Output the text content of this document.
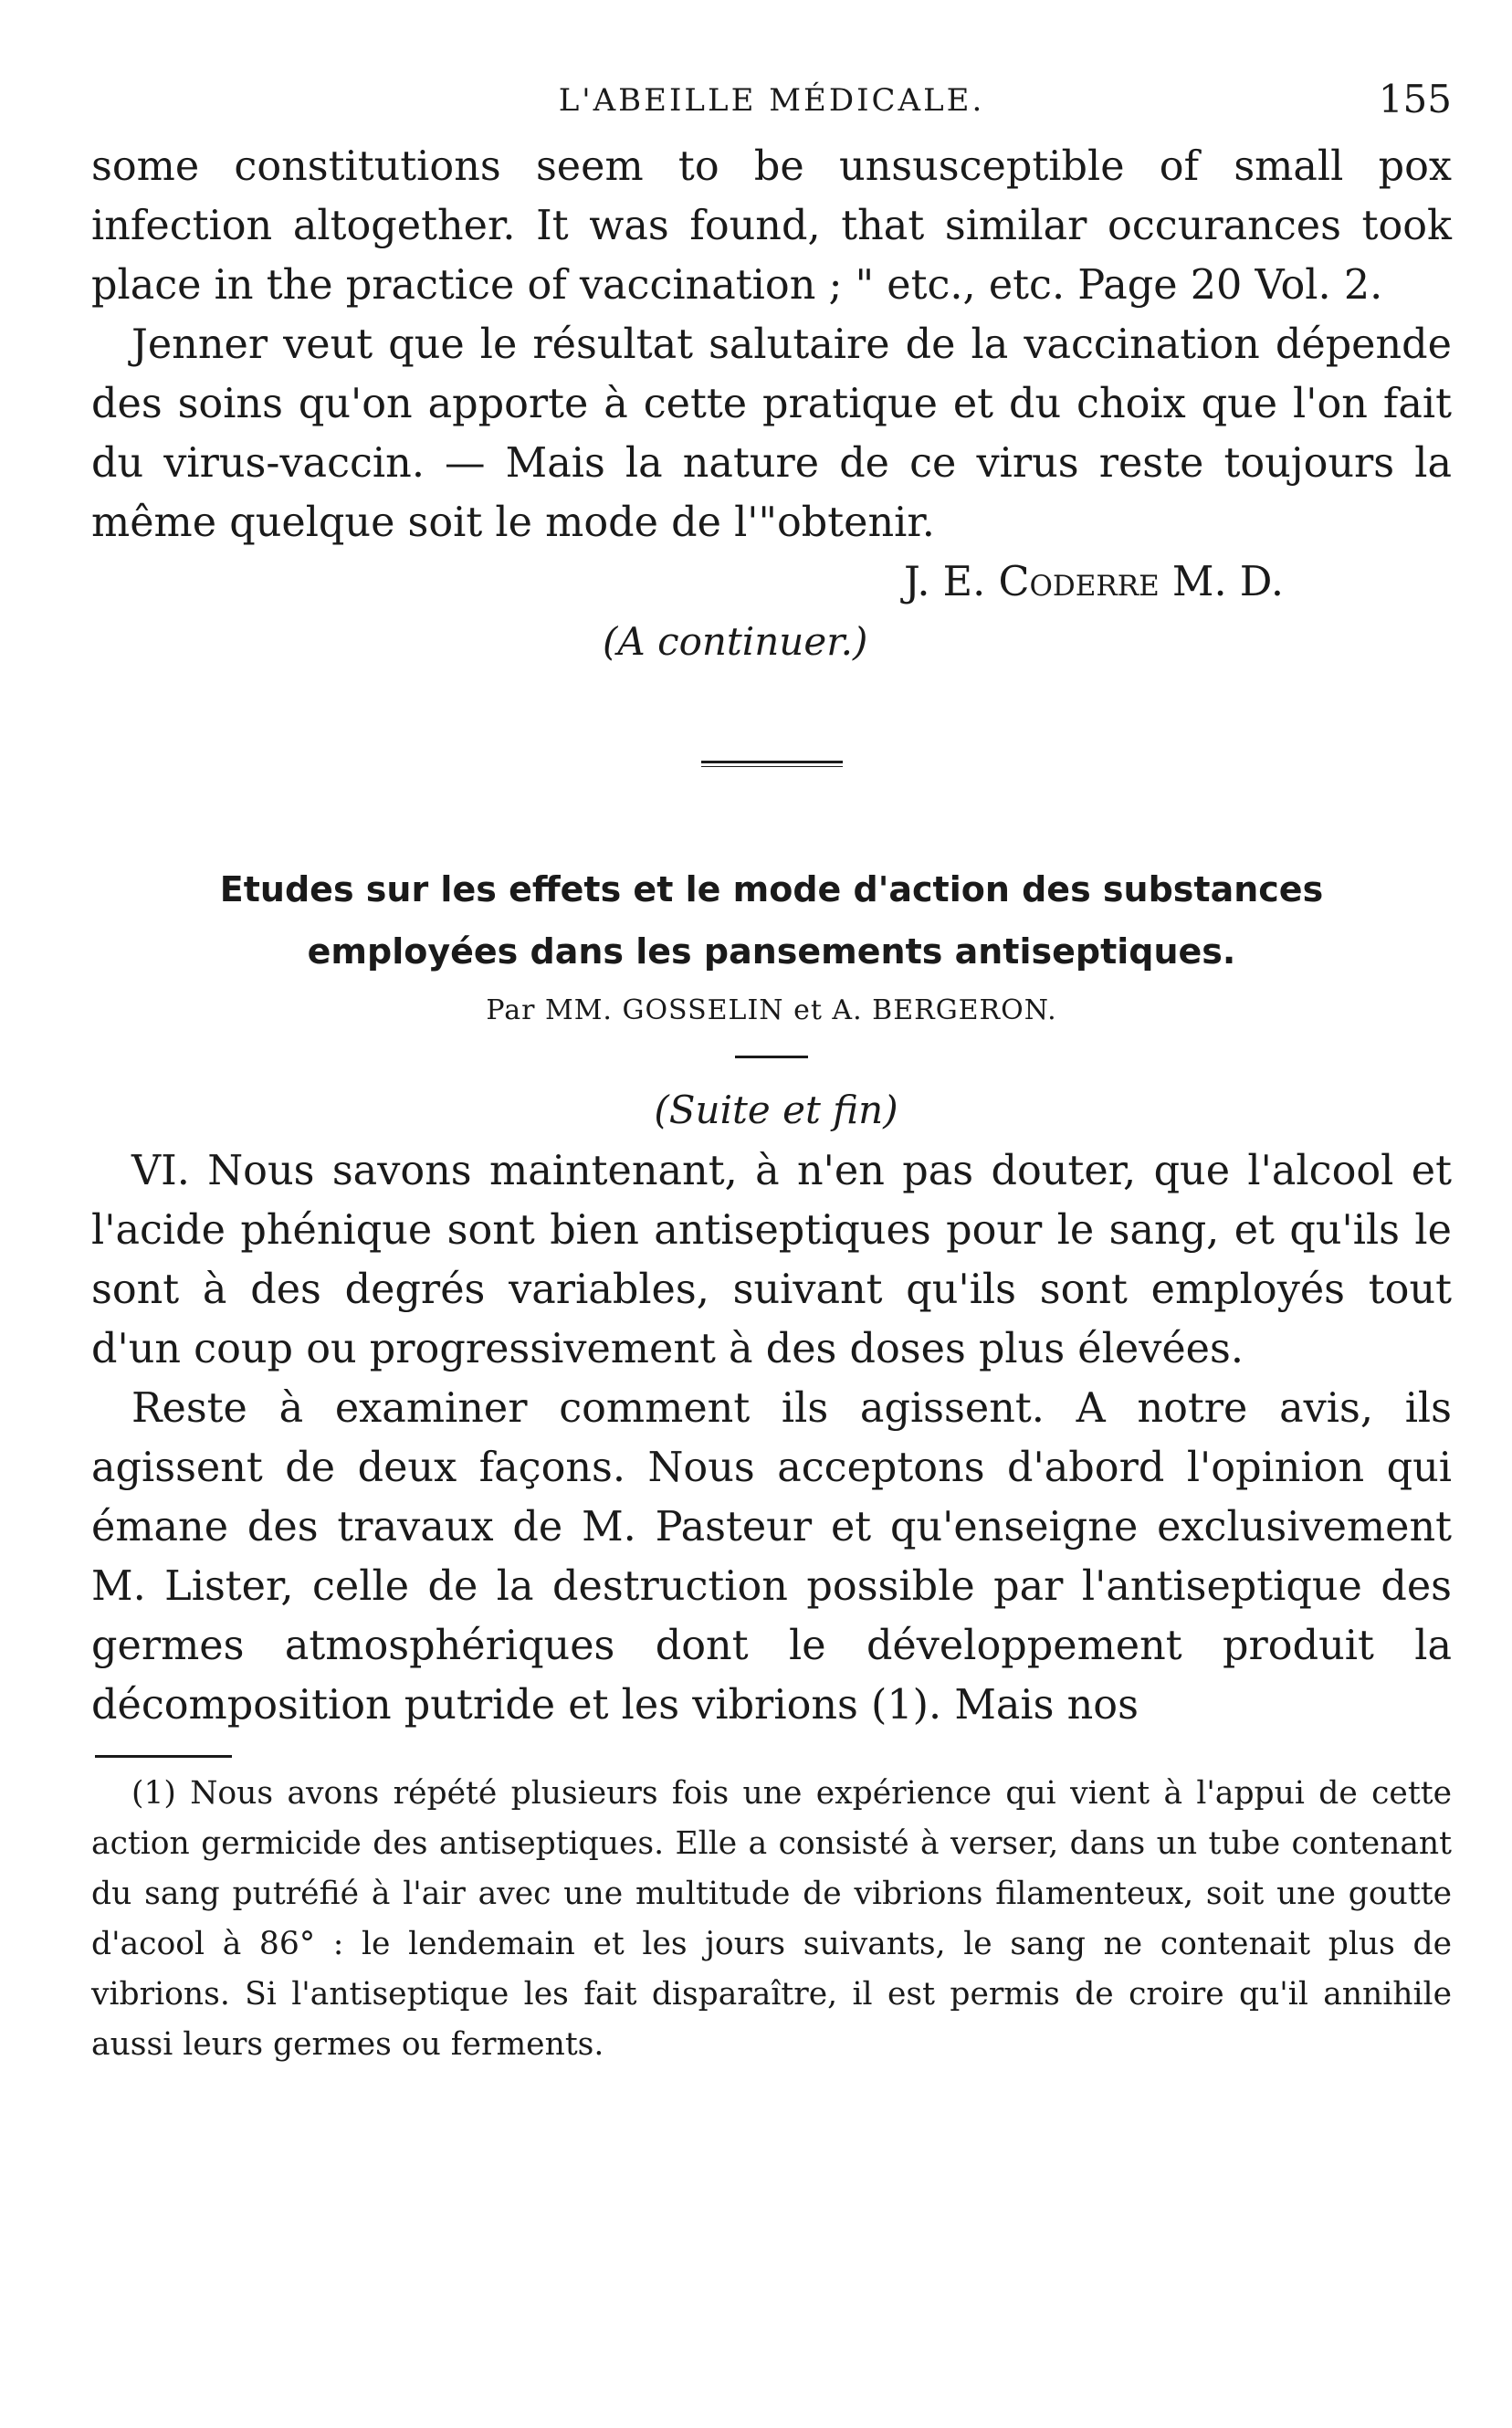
L'ABEILLE MÉDICALE.	155

some constitutions seem to be unsusceptible of small pox infection altogether. It was found, that similar occurances took place in the practice of vaccination ; " etc., etc. Page 20 Vol. 2.

Jenner veut que le résultat salutaire de la vaccination dépende des soins qu'on apporte à cette pratique et du choix que l'on fait du virus-vaccin. — Mais la nature de ce virus reste toujours la même quelque soit le mode de l'"obtenir.

J. E. Coderre M. D.

(A continuer.)

Etudes sur les effets et le mode d'action des substances
employées dans les pansements antiseptiques.

Par MM. GOSSELIN et A. BERGERON.

(Suite et fin)

VI. Nous savons maintenant, à n'en pas douter, que l'alcool et l'acide phénique sont bien antiseptiques pour le sang, et qu'ils le sont à des degrés variables, suivant qu'ils sont employés tout d'un coup ou progressivement à des doses plus élevées.

Reste à examiner comment ils agissent. A notre avis, ils agissent de deux façons. Nous acceptons d'abord l'opinion qui émane des travaux de M. Pasteur et qu'enseigne exclusivement M. Lister, celle de la destruction possible par l'antiseptique des germes atmosphériques dont le développement produit la décomposition putride et les vibrions (1). Mais nos

(1) Nous avons répété plusieurs fois une expérience qui vient à l'appui de cette action germicide des antiseptiques. Elle a consisté à verser, dans un tube contenant du sang putréfié à l'air avec une multitude de vibrions filamenteux, soit une goutte d'acool à 86° : le lendemain et les jours suivants, le sang ne contenait plus de vibrions. Si l'antiseptique les fait disparaître, il est permis de croire qu'il annihile aussi leurs germes ou ferments.
